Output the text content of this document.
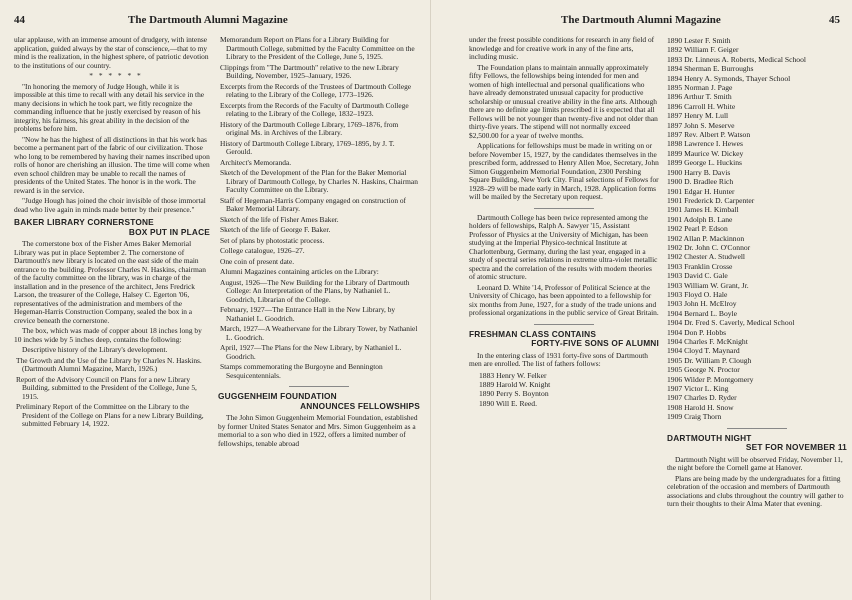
44	The Dartmouth Alumni Magazine

ular applause, with an immense amount of drudgery, with intense application, guided always by the star of conscience,—that to my mind is the realization, in the highest sphere, of patriotic devotion to the institutions of our country.

* * * * * *

"In honoring the memory of Judge Hough, while it is impossible at this time to recall with any detail his service in the many decisions in which he took part, we fitly recognize the commanding influence that he justly exercised by reason of his integrity, his fairness, his great ability in the decision of the problems before him.

"Now he has the highest of all distinctions in that his work has become a permanent part of the fabric of our civilization. Those who long to be remembered by having their names inscribed upon rolls of honor are cherishing an illusion. The time will come when even school children may be unable to recall the names of presidents of the United States. The honor is in the work. The reward is in the service.

"Judge Hough has joined the choir invisible of those immortal dead who live again in minds made better by their presence."

BAKER LIBRARY CORNERSTONE
BOX PUT IN PLACE

The cornerstone box of the Fisher Ames Baker Memorial Library was put in place September 2. The cornerstone of Dartmouth's new library is located on the east side of the main entrance to the building. Professor Charles N. Haskins, chairman of the faculty committee on the library, was in charge of the installation and in the presence of the architect, Jens Fredrick Larson, the treasurer of the College, Halsey C. Egerton '06, representatives of the administration and members of the Hegeman-Harris Construction Company, sealed the box in a crevice beneath the cornerstone.

The box, which was made of copper about 18 inches long by 10 inches wide by 5 inches deep, contains the following:

Descriptive history of the Library's development.

The Growth and the Use of the Library by Charles N. Haskins. (Dartmouth Alumni Magazine, March, 1926.)

Report of the Advisory Council on Plans for a new Library Building, submitted to the President of the College, June 5, 1915.

Preliminary Report of the Committee on the Library to the President of the College on Plans for a new Library Building, submitted February 14, 1922.

Memorandum Report on Plans for a Library Building for Dartmouth College, submitted by the Faculty Committee on the Library to the President of the College, June 5, 1925.

Clippings from "The Dartmouth" relative to the new Library Building, November, 1925–January, 1926.

Excerpts from the Records of the Trustees of Dartmouth College relating to the Library of the College, 1773–1926.

Excerpts from the Records of the Faculty of Dartmouth College relating to the Library of the College, 1832–1923.

History of the Dartmouth College Library, 1769–1876, from original Ms. in Archives of the Library.

History of Dartmouth College Library, 1769–1895, by J. T. Gerould.

Architect's Memoranda.

Sketch of the Development of the Plan for the Baker Memorial Library of Dartmouth College, by Charles N. Haskins, Chairman Faculty Committee on the Library.

Staff of Hegeman-Harris Company engaged on construction of Baker Memorial Library.

Sketch of the life of Fisher Ames Baker.

Sketch of the life of George F. Baker.

Set of plans by photostatic process.

College catalogue, 1926–27.

One coin of present date.

Alumni Magazines containing articles on the Library:

August, 1926—The New Building for the Library of Dartmouth College: An Interpretation of the Plans, by Nathaniel L. Goodrich, Librarian of the College.

February, 1927—The Entrance Hall in the New Library, by Nathaniel L. Goodrich.

March, 1927—A Weathervane for the Library Tower, by Nathaniel L. Goodrich.

April, 1927—The Plans for the New Library, by Nathaniel L. Goodrich.

Stamps commemorating the Burgoyne and Bennington Sesquicentennials.

GUGGENHEIM FOUNDATION
ANNOUNCES FELLOWSHIPS

The John Simon Guggenheim Memorial Foundation, established by former United States Senator and Mrs. Simon Guggenheim as a memorial to a son who died in 1922, offers a limited number of fellowships, tenable abroad

The Dartmouth Alumni Magazine	45

under the freest possible conditions for research in any field of knowledge and for creative work in any of the fine arts, including music.

The Foundation plans to maintain annually approximately fifty Fellows, the fellowships being intended for men and women of high intellectual and personal qualifications who have already demonstrated unusual capacity for productive scholarship or unusual creative ability in the fine arts. Although there are no definite age limits prescribed it is expected that all Fellows will be not younger than twenty-five and not older than thirty-five years. The stipend will not normally exceed $2,500.00 for a year of twelve months.

Applications for fellowships must be made in writing on or before November 15, 1927, by the candidates themselves in the prescribed form, addressed to Henry Allen Moe, Secretary, John Simon Guggenheim Memorial Foundation, 2300 Pershing Square Building, New York City. Final selections of Fellows for 1928–29 will be made early in March, 1928. Application forms will be mailed by the Secretary upon request.

Dartmouth College has been twice represented among the holders of fellowships, Ralph A. Sawyer '15, Assistant Professor of Physics at the University of Michigan, has been studying at the Imperial Physico-technical Institute at Charlottenburg, Germany, during the last year, engaged in a study of spectral series relations in extreme ultra-violet metallic spectra and the correlation of the results with modern theories of atomic structure.

Leonard D. White '14, Professor of Political Science at the University of Chicago, has been appointed to a fellowship for six months from June, 1927, for a study of the trade unions and professional organizations in the public service of Great Britain.

FRESHMAN CLASS CONTAINS
FORTY-FIVE SONS OF ALUMNI

In the entering class of 1931 forty-five sons of Dartmouth men are enrolled. The list of fathers follows:

1883 Henry W. Felker
1889 Harold W. Knight
1890 Perry S. Boynton
1890 Will E. Reed.
1890 Lester F. Smith
1892 William F. Geiger
1893 Dr. Linneus A. Roberts, Medical School
1894 Sherman E. Burroughs
1894 Henry A. Symonds, Thayer School
1895 Norman J. Page
1896 Arthur T. Smith
1896 Carroll H. White
1897 Henry M. Lull
1897 John S. Meserve
1897 Rev. Albert P. Watson
1898 Lawrence I. Hewes
1899 Maurice W. Dickey
1899 George L. Huckins
1900 Harry B. Davis
1900 D. Bradlee Rich
1901 Edgar H. Hunter
1901 Frederick D. Carpenter
1901 James H. Kimball
1901 Adolph B. Lane
1902 Pearl P. Edson
1902 Allan P. Mackinnon
1902 Dr. John C. O'Connor
1902 Chester A. Studwell
1903 Franklin Crosse
1903 David C. Gale
1903 William W. Grant, Jr.
1903 Floyd O. Hale
1903 John H. McElroy
1904 Bernard L. Boyle
1904 Dr. Fred S. Caverly, Medical School
1904 Don P. Hobbs
1904 Charles F. McKnight
1904 Cloyd T. Maynard
1905 Dr. William P. Clough
1905 George N. Proctor
1906 Wilder P. Montgomery
1907 Victor L. King
1907 Charles D. Ryder
1908 Harold H. Snow
1909 Craig Thorn
DARTMOUTH NIGHT
SET FOR NOVEMBER 11

Dartmouth Night will be observed Friday, November 11, the night before the Cornell game at Hanover.

Plans are being made by the undergraduates for a fitting celebration of the occasion and members of Dartmouth associations and clubs throughout the country will gather to turn their thoughts to their Alma Mater that evening.
